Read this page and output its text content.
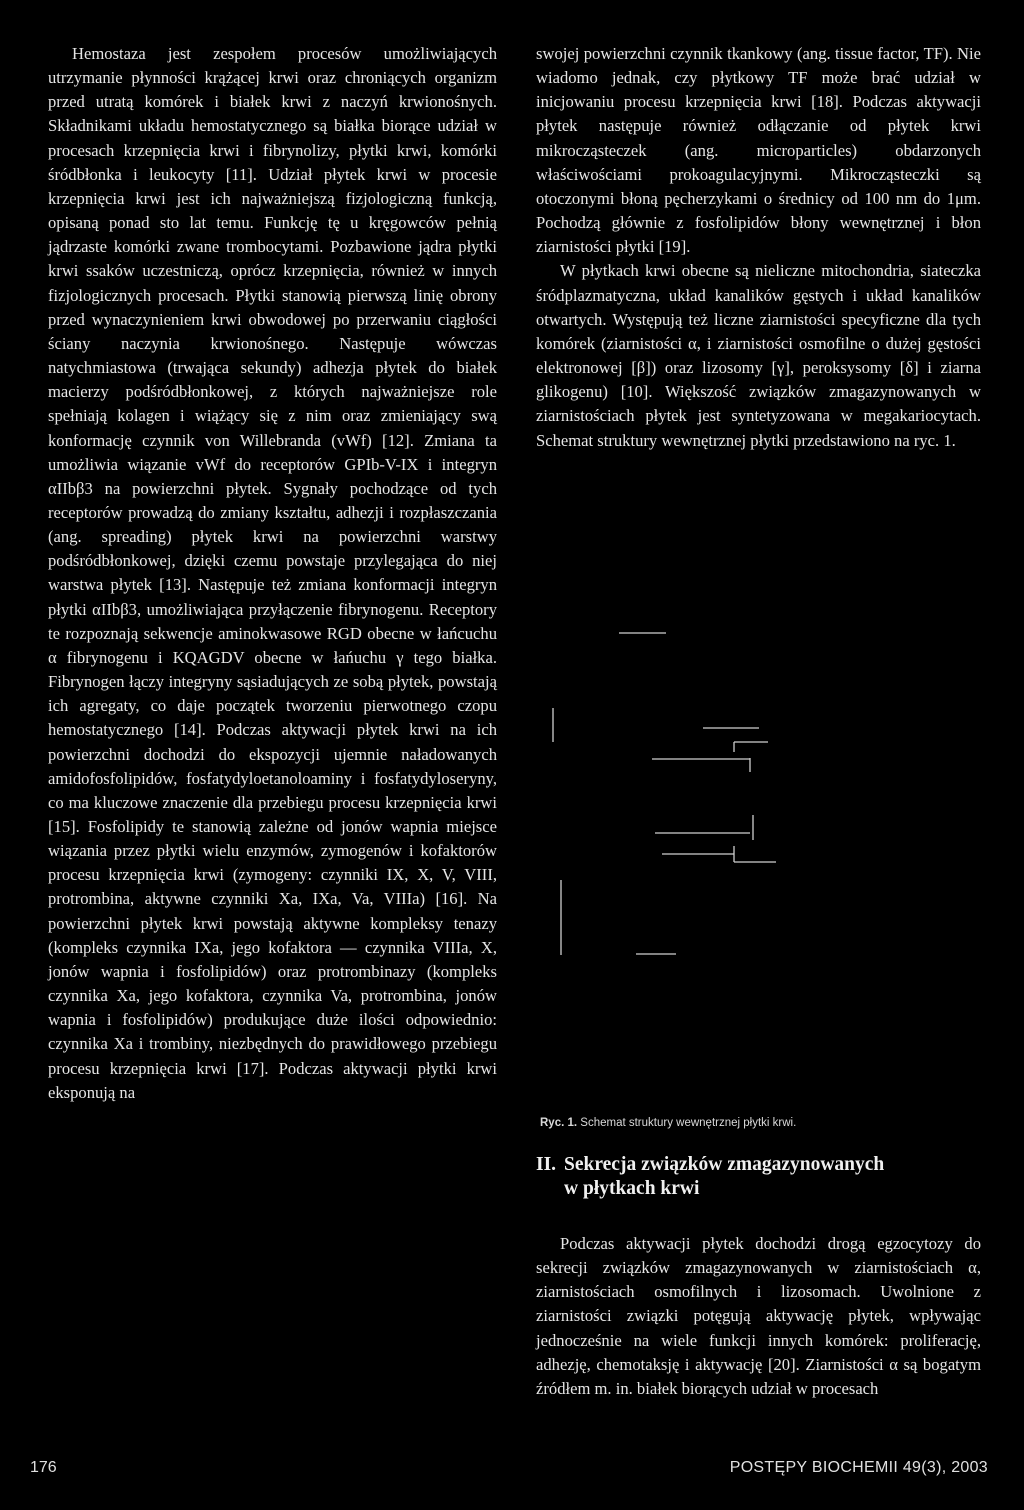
Hemostaza jest zespołem procesów umożliwiających utrzymanie płynności krążącej krwi oraz chroniących organizm przed utratą komórek i białek krwi z naczyń krwionośnych. Składnikami układu hemostatycznego są białka biorące udział w procesach krzepnięcia krwi i fibrynolizy, płytki krwi, komórki śródbłonka i leukocyty [11]. Udział płytek krwi w procesie krzepnięcia krwi jest ich najważniejszą fizjologiczną funkcją, opisaną ponad sto lat temu. Funkcję tę u kręgowców pełnią jądrzaste komórki zwane trombocytami. Pozbawione jądra płytki krwi ssaków uczestniczą, oprócz krzepnięcia, również w innych fizjologicznych procesach. Płytki stanowią pierwszą linię obrony przed wynaczynieniem krwi obwodowej po przerwaniu ciągłości ściany naczynia krwionośnego. Następuje wówczas natychmiastowa (trwająca sekundy) adhezja płytek do białek macierzy podśródbłonkowej, z których najważniejsze role spełniają kolagen i wiążący się z nim oraz zmieniający swą konformację czynnik von Willebranda (vWf) [12]. Zmiana ta umożliwia wiązanie vWf do receptorów GPIb-V-IX i integryn αIIbβ3 na powierzchni płytek. Sygnały pochodzące od tych receptorów prowadzą do zmiany kształtu, adhezji i rozpłaszczania (ang. spreading) płytek krwi na powierzchni warstwy podśródbłonkowej, dzięki czemu powstaje przylegająca do niej warstwa płytek [13]. Następuje też zmiana konformacji integryn płytki αIIbβ3, umożliwiająca przyłączenie fibrynogenu. Receptory te rozpoznają sekwencje aminokwasowe RGD obecne w łańcuchu α fibrynogenu i KQAGDV obecne w łańuchu γ tego białka. Fibrynogen łączy integryny sąsiadujących ze sobą płytek, powstają ich agregaty, co daje początek tworzeniu pierwotnego czopu hemostatycznego [14]. Podczas aktywacji płytek krwi na ich powierzchni dochodzi do ekspozycji ujemnie naładowanych amidofosfolipidów, fosfatydyloetanoloaminy i fosfatydyloseryny, co ma kluczowe znaczenie dla przebiegu procesu krzepnięcia krwi [15]. Fosfolipidy te stanowią zależne od jonów wapnia miejsce wiązania przez płytki wielu enzymów, zymogenów i kofaktorów procesu krzepnięcia krwi (zymogeny: czynniki IX, X, V, VIII, protrombina, aktywne czynniki Xa, IXa, Va, VIIIa) [16]. Na powierzchni płytek krwi powstają aktywne kompleksy tenazy (kompleks czynnika IXa, jego kofaktora — czynnika VIIIa, X, jonów wapnia i fosfolipidów) oraz protrombinazy (kompleks czynnika Xa, jego kofaktora, czynnika Va, protrombina, jonów wapnia i fosfolipidów) produkujące duże ilości odpowiednio: czynnika Xa i trombiny, niezbędnych do prawidłowego przebiegu procesu krzepnięcia krwi [17]. Podczas aktywacji płytki krwi eksponują na

swojej powierzchni czynnik tkankowy (ang. tissue factor, TF). Nie wiadomo jednak, czy płytkowy TF może brać udział w inicjowaniu procesu krzepnięcia krwi [18]. Podczas aktywacji płytek następuje również odłączanie od płytek krwi mikrocząsteczek (ang. microparticles) obdarzonych właściwościami prokoagulacyjnymi. Mikrocząsteczki są otoczonymi błoną pęcherzykami o średnicy od 100 nm do 1μm. Pochodzą głównie z fosfolipidów błony wewnętrznej i błon ziarnistości płytki [19].

W płytkach krwi obecne są nieliczne mitochondria, siateczka śródplazmatyczna, układ kanalików gęstych i układ kanalików otwartych. Występują też liczne ziarnistości specyficzne dla tych komórek (ziarnistości α, i ziarnistości osmofilne o dużej gęstości elektronowej [β]) oraz lizosomy [γ], peroksysomy [δ] i ziarna glikogenu) [10]. Większość związków zmagazynowanych w ziarnistościach płytek jest syntetyzowana w megakariocytach. Schemat struktury wewnętrznej płytki przedstawiono na ryc. 1.

Ryc. 1. Schemat struktury wewnętrznej płytki krwi.
II. Sekrecja związków zmagazynowanych
w płytkach krwi

Podczas aktywacji płytek dochodzi drogą egzocytozy do sekrecji związków zmagazynowanych w ziarnistościach α, ziarnistościach osmofilnych i lizosomach. Uwolnione z ziarnistości związki potęgują aktywację płytek, wpływając jednocześnie na wiele funkcji innych komórek: proliferację, adhezję, chemotaksję i aktywację [20]. Ziarnistości α są bogatym źródłem m. in. białek biorących udział w procesach

176	POSTĘPY BIOCHEMII 49(3), 2003
